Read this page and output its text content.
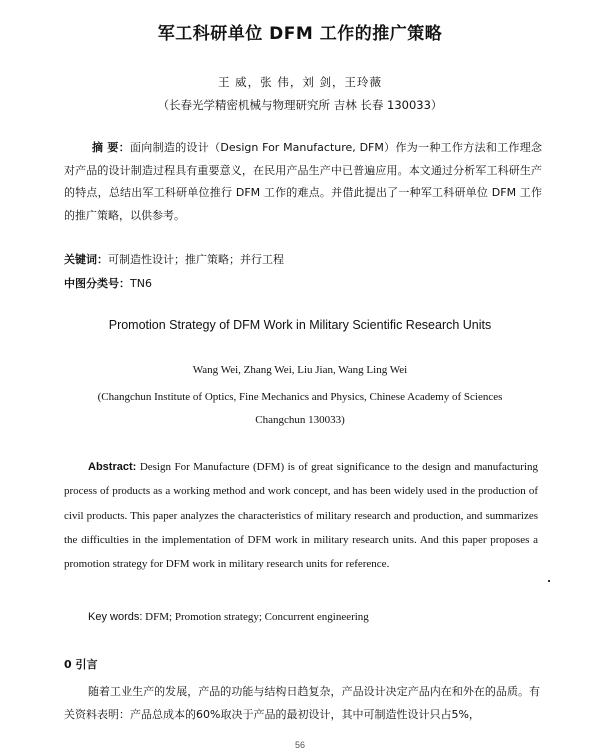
军工科研单位 DFM 工作的推广策略
王 威，张 伟，刘 剑，王玲薇
（长春光学精密机械与物理研究所 吉林 长春 130033）
摘 要：面向制造的设计（Design For Manufacture, DFM）作为一种工作方法和工作理念对产品的设计制造过程具有重要意义，在民用产品生产中已普遍应用。本文通过分析军工科研生产的特点，总结出军工科研单位推行 DFM 工作的难点。并借此提出了一种军工科研单位 DFM 工作的推广策略，以供参考。
关键词：可制造性设计；推广策略；并行工程
中图分类号：TN6
Promotion Strategy of DFM Work in Military Scientific Research Units
Wang Wei, Zhang Wei, Liu Jian, Wang Ling Wei
(Changchun Institute of Optics, Fine Mechanics and Physics, Chinese Academy of Sciences
Changchun 130033)
Abstract: Design For Manufacture (DFM) is of great significance to the design and manufacturing process of products as a working method and work concept, and has been widely used in the production of civil products. This paper analyzes the characteristics of military research and production, and summarizes the difficulties in the implementation of DFM work in military research units. And this paper proposes a promotion strategy for DFM work in military research units for reference.
Key words: DFM; Promotion strategy; Concurrent engineering
0 引言
随着工业生产的发展，产品的功能与结构日趋复杂，产品设计决定产品内在和外在的品质。有关资料表明：产品总成本的60%取决于产品的最初设计，其中可制造性设计只占5%，
56
